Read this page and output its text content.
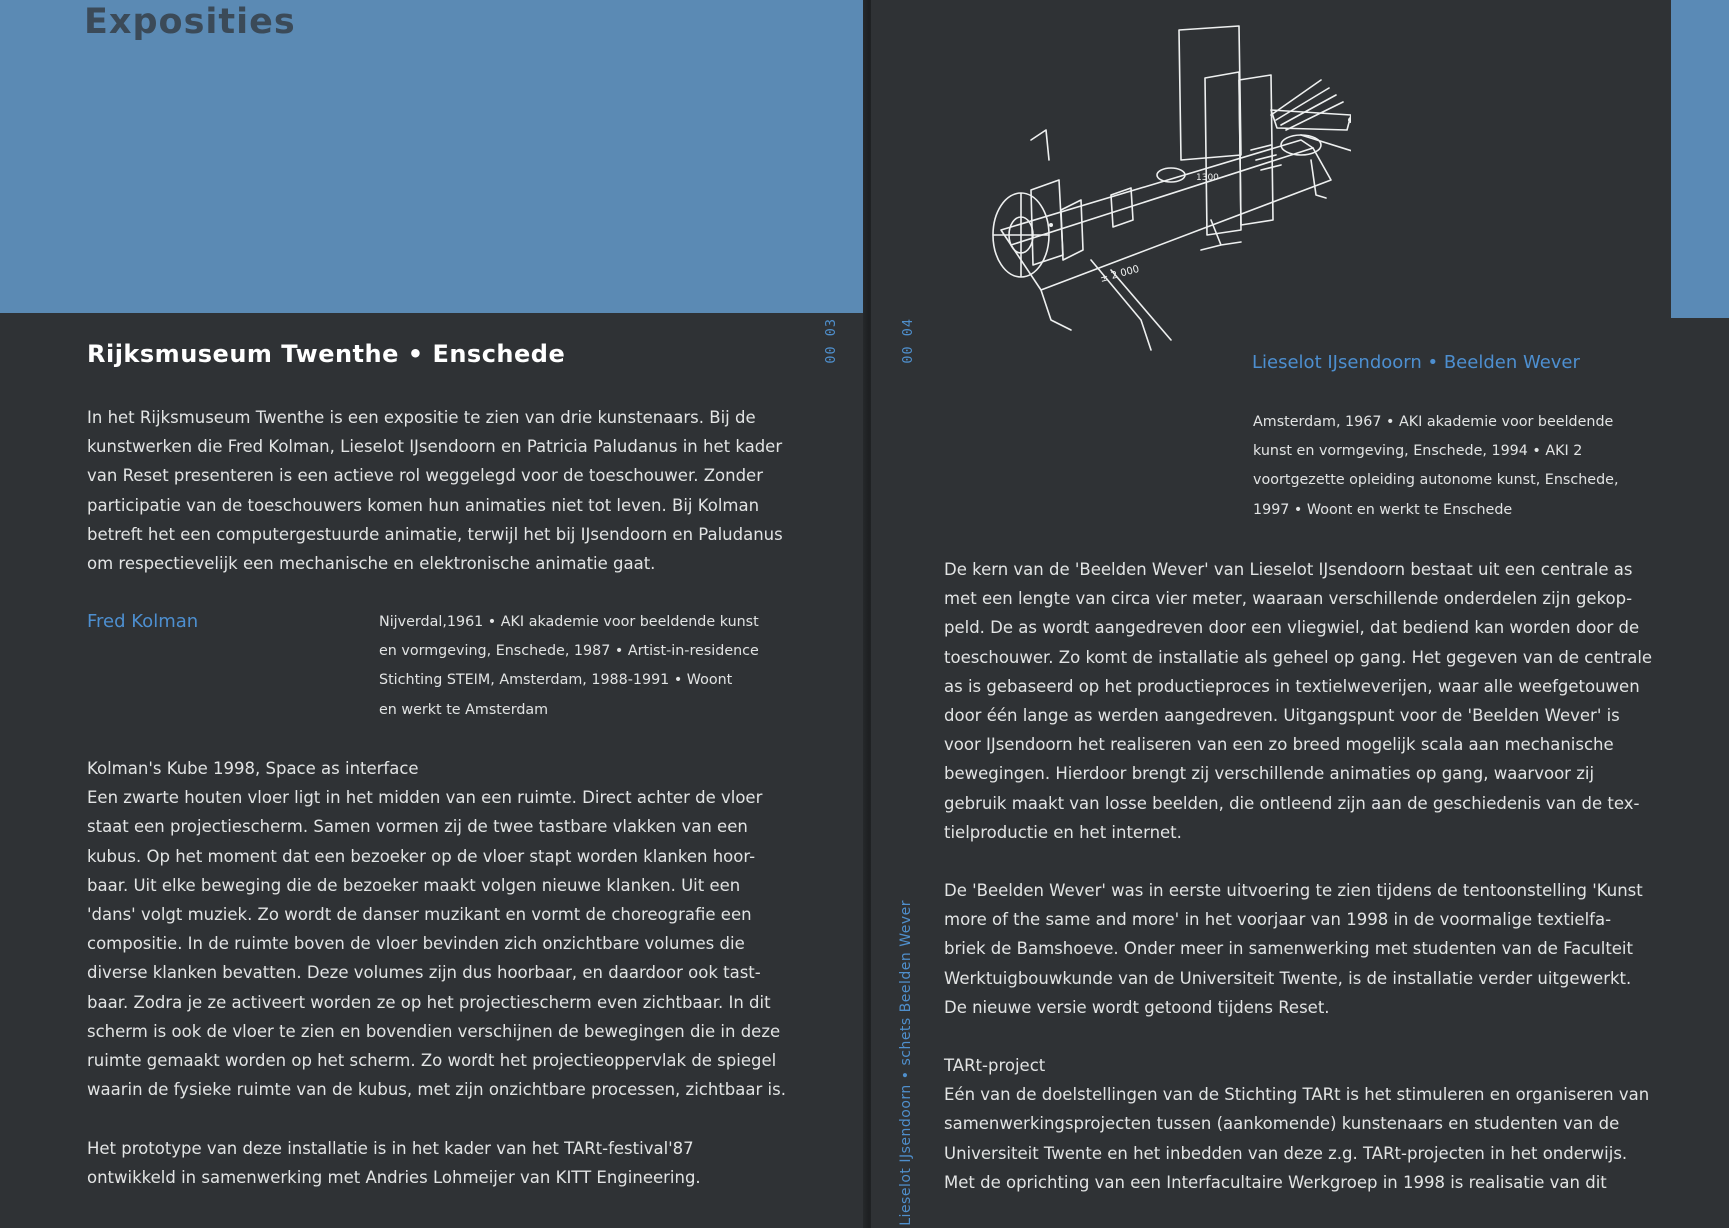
Exposities
00 03
Rijksmuseum Twenthe • Enschede
In het Rijksmuseum Twenthe is een expositie te zien van drie kunstenaars. Bij de
kunstwerken die Fred Kolman, Lieselot IJsendoorn en Patricia Paludanus in het kader
van Reset presenteren is een actieve rol weggelegd voor de toeschouwer. Zonder
participatie van de toeschouwers komen hun animaties niet tot leven. Bij Kolman
betreft het een computergestuurde animatie, terwijl het bij IJsendoorn en Paludanus
om respectievelijk een mechanische en elektronische animatie gaat.
Fred Kolman	Nijverdal,1961 • AKI akademie voor beeldende kunst
en vormgeving, Enschede, 1987 • Artist-in-residence
Stichting STEIM, Amsterdam, 1988-1991 • Woont
en werkt te Amsterdam
Kolman's Kube 1998, Space as interface
Een zwarte houten vloer ligt in het midden van een ruimte. Direct achter de vloer
staat een projectiescherm. Samen vormen zij de twee tastbare vlakken van een
kubus. Op het moment dat een bezoeker op de vloer stapt worden klanken hoor-
baar. Uit elke beweging die de bezoeker maakt volgen nieuwe klanken. Uit een
'dans' volgt muziek. Zo wordt de danser muzikant en vormt de choreografie een
compositie. In de ruimte boven de vloer bevinden zich onzichtbare volumes die
diverse klanken bevatten. Deze volumes zijn dus hoorbaar, en daardoor ook tast-
baar. Zodra je ze activeert worden ze op het projectiescherm even zichtbaar. In dit
scherm is ook de vloer te zien en bovendien verschijnen de bewegingen die in deze
ruimte gemaakt worden op het scherm. Zo wordt het projectieoppervlak de spiegel
waarin de fysieke ruimte van de kubus, met zijn onzichtbare processen, zichtbaar is.
Het prototype van deze installatie is in het kader van het TARt-festival'87
ontwikkeld in samenwerking met Andries Lohmeijer van KITT Engineering.
00 04
Lieselot IJsendoorn • schets Beelden Wever
1300
± 2 000
Lieselot IJsendoorn • Beelden Wever
Amsterdam, 1967 • AKI akademie voor beeldende
kunst en vormgeving, Enschede, 1994 • AKI 2
voortgezette opleiding autonome kunst, Enschede,
1997 • Woont en werkt te Enschede
De kern van de 'Beelden Wever' van Lieselot IJsendoorn bestaat uit een centrale as
met een lengte van circa vier meter, waaraan verschillende onderdelen zijn gekop-
peld. De as wordt aangedreven door een vliegwiel, dat bediend kan worden door de
toeschouwer. Zo komt de installatie als geheel op gang. Het gegeven van de centrale
as is gebaseerd op het productieproces in textielweverijen, waar alle weefgetouwen
door één lange as werden aangedreven. Uitgangspunt voor de 'Beelden Wever' is
voor IJsendoorn het realiseren van een zo breed mogelijk scala aan mechanische
bewegingen. Hierdoor brengt zij verschillende animaties op gang, waarvoor zij
gebruik maakt van losse beelden, die ontleend zijn aan de geschiedenis van de tex-
tielproductie en het internet.
De 'Beelden Wever' was in eerste uitvoering te zien tijdens de tentoonstelling 'Kunst
more of the same and more' in het voorjaar van 1998 in de voormalige textielfa-
briek de Bamshoeve. Onder meer in samenwerking met studenten van de Faculteit
Werktuigbouwkunde van de Universiteit Twente, is de installatie verder uitgewerkt.
De nieuwe versie wordt getoond tijdens Reset.
TARt-project
Eén van de doelstellingen van de Stichting TARt is het stimuleren en organiseren van
samenwerkingsprojecten tussen (aankomende) kunstenaars en studenten van de
Universiteit Twente en het inbedden van deze z.g. TARt-projecten in het onderwijs.
Met de oprichting van een Interfacultaire Werkgroep in 1998 is realisatie van dit
